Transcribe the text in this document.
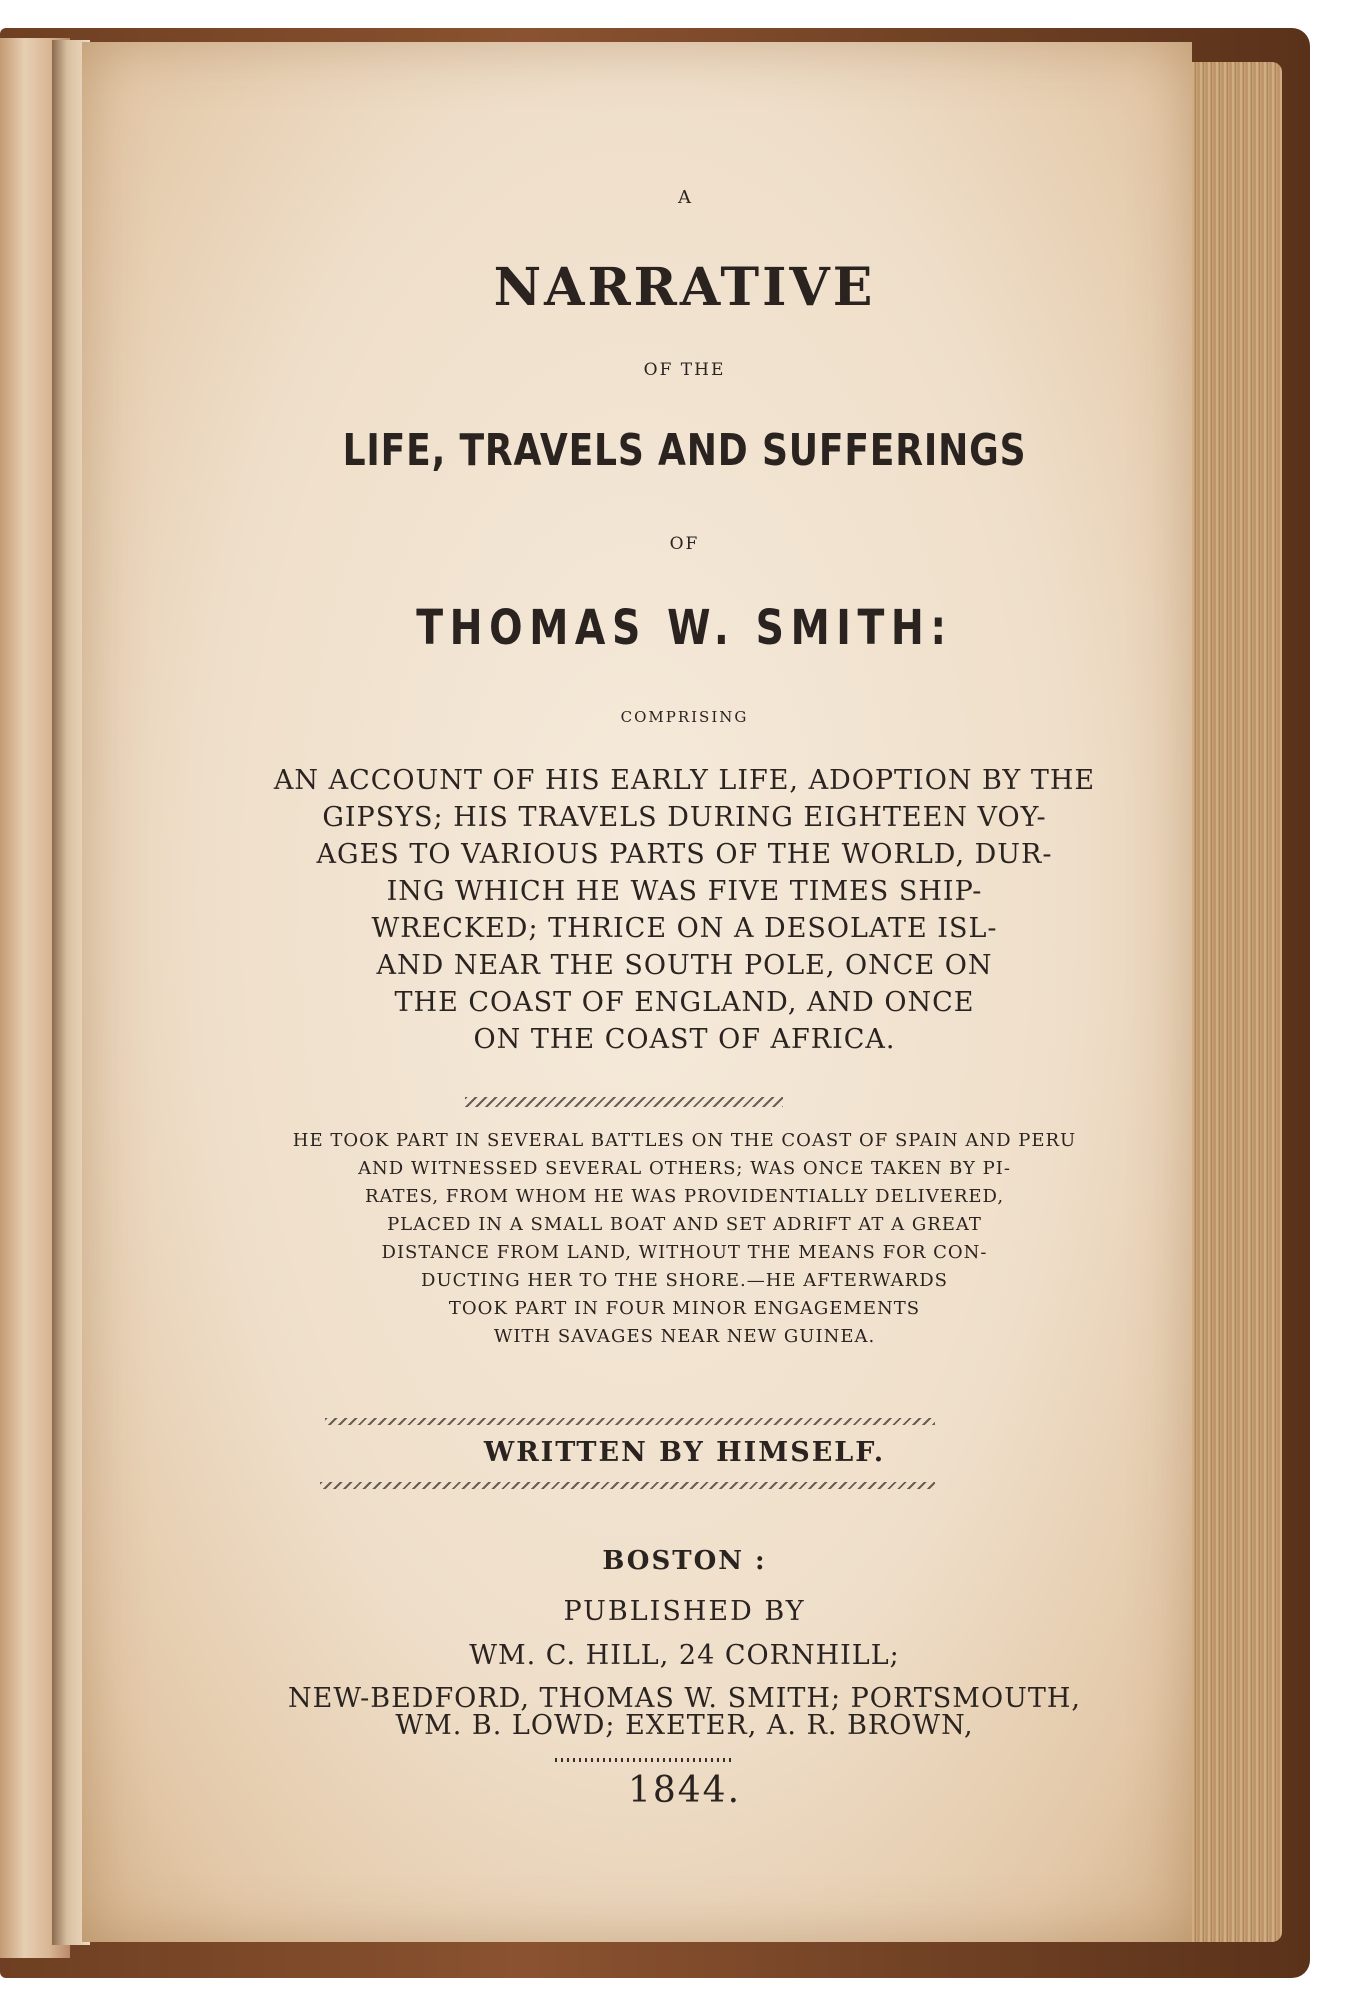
A
NARRATIVE
OF THE
LIFE, TRAVELS AND SUFFERINGS
OF
THOMAS W. SMITH:
COMPRISING
AN ACCOUNT OF HIS EARLY LIFE, ADOPTION BY THE
GIPSYS; HIS TRAVELS DURING EIGHTEEN VOY-
AGES TO VARIOUS PARTS OF THE WORLD, DUR-
ING WHICH HE WAS FIVE TIMES SHIP-
WRECKED; THRICE ON A DESOLATE ISL-
AND NEAR THE SOUTH POLE, ONCE ON
THE COAST OF ENGLAND, AND ONCE
ON THE COAST OF AFRICA.
HE TOOK PART IN SEVERAL BATTLES ON THE COAST OF SPAIN AND PERU
AND WITNESSED SEVERAL OTHERS; WAS ONCE TAKEN BY PI-
RATES, FROM WHOM HE WAS PROVIDENTIALLY DELIVERED,
PLACED IN A SMALL BOAT AND SET ADRIFT AT A GREAT
DISTANCE FROM LAND, WITHOUT THE MEANS FOR CON-
DUCTING HER TO THE SHORE.—HE AFTERWARDS
TOOK PART IN FOUR MINOR ENGAGEMENTS
WITH SAVAGES NEAR NEW GUINEA.
WRITTEN BY HIMSELF.
BOSTON :
PUBLISHED BY
WM. C. HILL, 24 CORNHILL;
NEW-BEDFORD, THOMAS W. SMITH; PORTSMOUTH,
WM. B. LOWD; EXETER, A. R. BROWN,
1844.
